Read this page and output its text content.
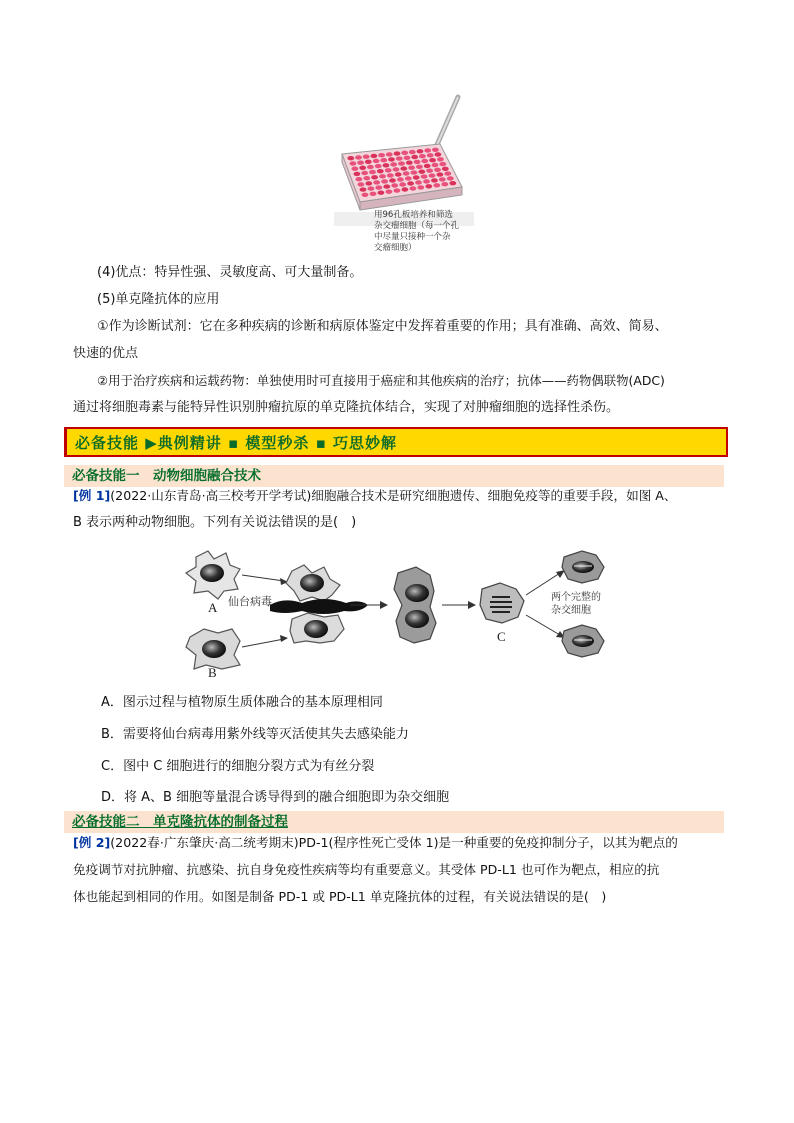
用96孔板培养和筛选
杂交瘤细胞（每一个孔
中尽量只接种一个杂
交瘤细胞）
(4)优点：特异性强、灵敏度高、可大量制备。
(5)单克隆抗体的应用
①作为诊断试剂：它在多种疾病的诊断和病原体鉴定中发挥着重要的作用；具有准确、高效、简易、
快速的优点
②用于治疗疾病和运载药物：单独使用时可直接用于癌症和其他疾病的治疗；抗体——药物偶联物(ADC)
通过将细胞毒素与能特异性识别肿瘤抗原的单克隆抗体结合，实现了对肿瘤细胞的选择性杀伤。
必备技能 ▶典例精讲 ▪ 模型秒杀 ▪ 巧思妙解
必备技能一　动物细胞融合技术
[例 1](2022·山东青岛·高三校考开学考试)细胞融合技术是研究细胞遗传、细胞免疫等的重要手段，如图 A、
B 表示两种动物细胞。下列有关说法错误的是(　)
A
B
仙台病毒
C
两个完整的
杂交细胞
A．图示过程与植物原生质体融合的基本原理相同
B．需要将仙台病毒用紫外线等灭活使其失去感染能力
C．图中 C 细胞进行的细胞分裂方式为有丝分裂
D．将 A、B 细胞等量混合诱导得到的融合细胞即为杂交细胞
必备技能二　单克隆抗体的制备过程
[例 2](2022春·广东肇庆·高二统考期末)PD-1(程序性死亡受体 1)是一种重要的免疫抑制分子，以其为靶点的
免疫调节对抗肿瘤、抗感染、抗自身免疫性疾病等均有重要意义。其受体 PD-L1 也可作为靶点，相应的抗
体也能起到相同的作用。如图是制备 PD-1 或 PD-L1 单克隆抗体的过程，有关说法错误的是(　)
